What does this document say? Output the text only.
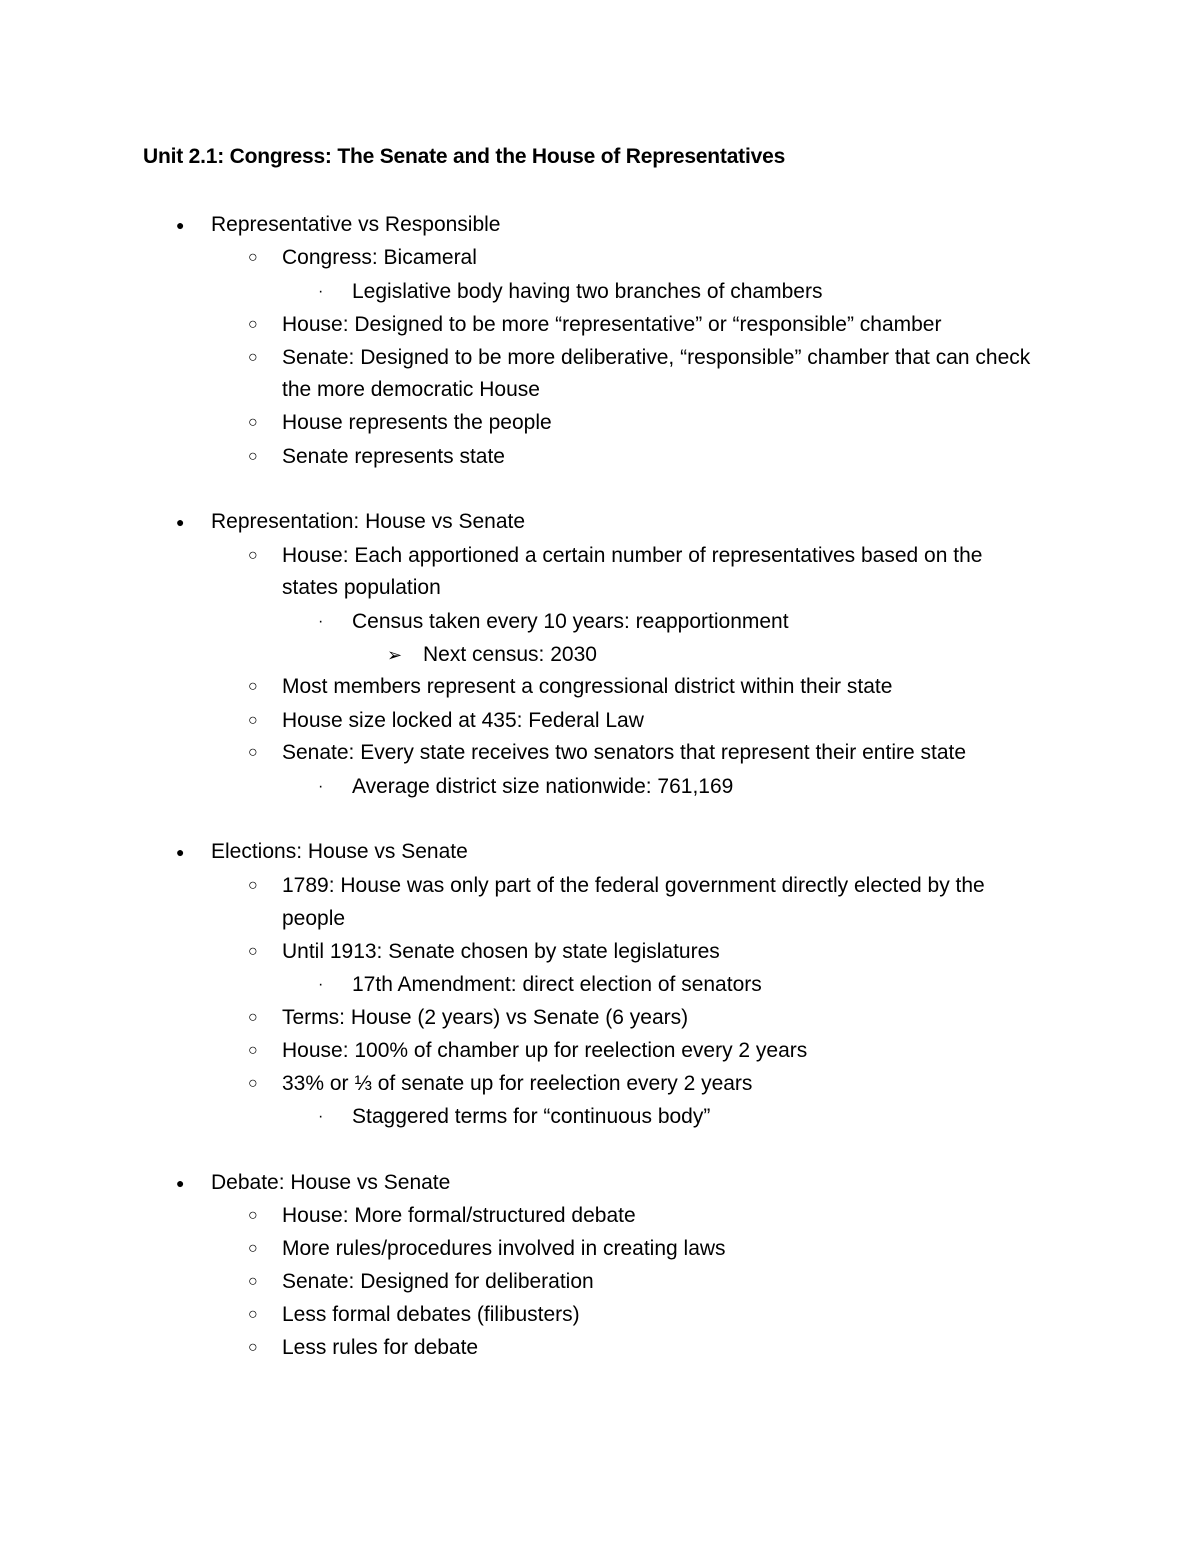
Unit 2.1: Congress: The Senate and the House of Representatives
● Representative vs Responsible
○ Congress: Bicameral
· Legislative body having two branches of chambers
○ House: Designed to be more “representative” or “responsible” chamber
○ Senate: Designed to be more deliberative, “responsible” chamber that can check
the more democratic House
○ House represents the people
○ Senate represents state
● Representation: House vs Senate
○ House: Each apportioned a certain number of representatives based on the
states population
· Census taken every 10 years: reapportionment
➢ Next census: 2030
○ Most members represent a congressional district within their state
○ House size locked at 435: Federal Law
○ Senate: Every state receives two senators that represent their entire state
· Average district size nationwide: 761,169
● Elections: House vs Senate
○ 1789: House was only part of the federal government directly elected by the
people
○ Until 1913: Senate chosen by state legislatures
· 17th Amendment: direct election of senators
○ Terms: House (2 years) vs Senate (6 years)
○ House: 100% of chamber up for reelection every 2 years
○ 33% or ⅓ of senate up for reelection every 2 years
· Staggered terms for “continuous body”
● Debate: House vs Senate
○ House: More formal/structured debate
○ More rules/procedures involved in creating laws
○ Senate: Designed for deliberation
○ Less formal debates (filibusters)
○ Less rules for debate
